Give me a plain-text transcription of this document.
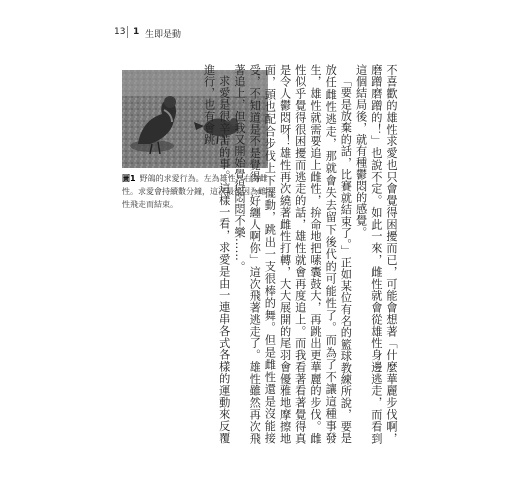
13 1 生即是動
圖1 野鴿的求愛行為。左為雄性，右為雌性。求愛會持續數分鐘，這次最後因為雌性飛走而結束。	不喜歡的雄性求愛也只會覺得困擾而已，可能會想著「什麼華麗步伐啊，磨蹭磨蹭的！」也說不定。如此一來，雌性就會從雄性身邊逃走，而看到這個結局後，就有種鬱悶的感覺。

「要是放棄的話，比賽就結束了。」正如某位有名的籃球教練所說，要是放任雌性逃走，那就會失去留下後代的可能性了。而為了不讓這種事發生，雄性就需要追上雌性，拚命地把嗉囊鼓大，再跳出更華麗的步伐。雌性似乎覺得很困擾而逃走的話，雄性就會再度追上。而我看著看著覺得真是令人鬱悶呀！雄性再次繞著雌性打轉，大大展開的尾羽會優雅地摩擦地面，頭也配合步伐上下擺動，跳出一支很棒的舞。但是雌性還是沒能接受，不知道是不是覺得「好纏人啊你」這次飛著逃走了。雄性雖然再次飛著追上，但我又開始覺得悶悶不樂……。

求愛是很辛苦的事。這樣一看，求愛是由一連串各式各樣的運動來反覆進行，也有會跳
